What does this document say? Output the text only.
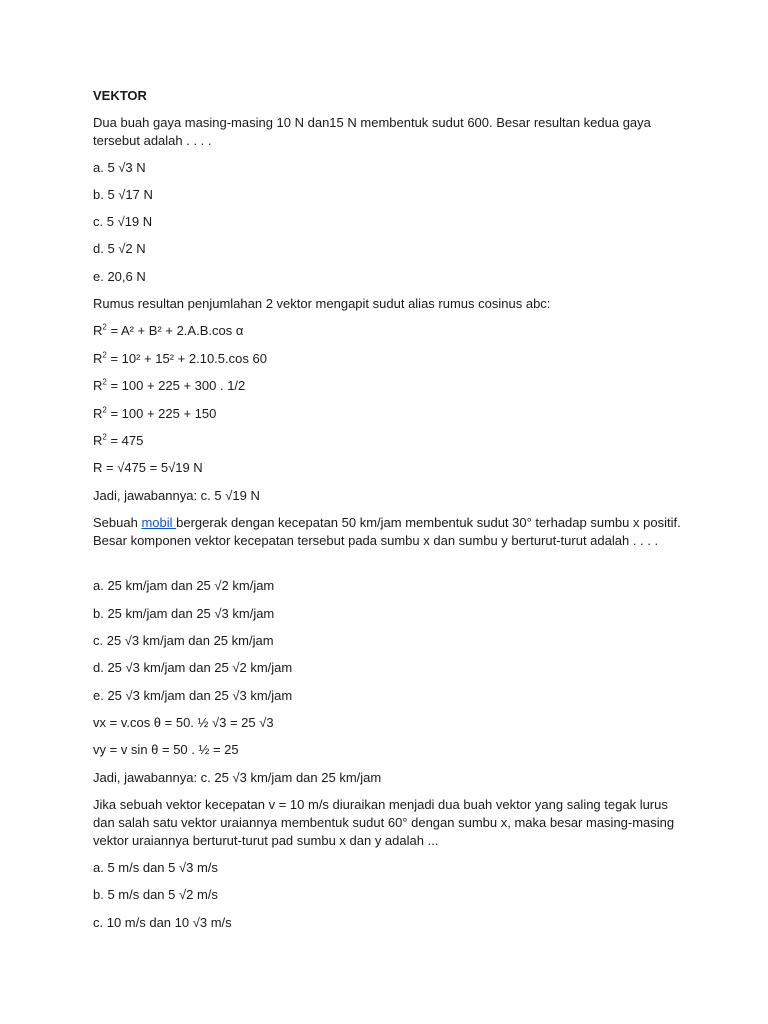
VEKTOR
Dua buah gaya masing-masing 10 N dan15 N membentuk sudut 600. Besar resultan kedua gaya tersebut adalah . . . .
a. 5 √3 N
b. 5 √17 N
c. 5 √19 N
d. 5 √2 N
e. 20,6 N
Rumus resultan penjumlahan 2 vektor mengapit sudut alias rumus cosinus abc:
$R^2 = A^2 + B^2 + 2.A.B.\cos$ α
$R^2 = 10^2 + 15^2 + 2.10.5.\cos$ 60
$R^2 = 100 + 225 + 300$ . 1/2
$R^2 = 100 + 225 + 150$
$R^2 = 475$
R = √475 = 5√19 N
Jadi, jawabannya: c. 5 √19 N
Sebuah mobil bergerak dengan kecepatan 50 km/jam membentuk sudut 30° terhadap sumbu x positif. Besar komponen vektor kecepatan tersebut pada sumbu x dan sumbu y berturut-turut adalah . . . .
a. 25 km/jam dan 25 √2 km/jam
b. 25 km/jam dan 25 √3 km/jam
c. 25 √3 km/jam dan 25 km/jam
d. 25 √3 km/jam dan 25 √2 km/jam
e. 25 √3 km/jam dan 25 √3 km/jam
vx = v.cos θ = 50. ½ √3 = 25 √3
vy = v sin θ = 50 . ½ = 25
Jadi, jawabannya: c. 25 √3 km/jam dan 25 km/jam
Jika sebuah vektor kecepatan v = 10 m/s diuraikan menjadi dua buah vektor yang saling tegak lurus dan salah satu vektor uraiannya membentuk sudut 60° dengan sumbu x, maka besar masing-masing vektor uraiannya berturut-turut pad sumbu x dan y adalah ...
a. 5 m/s dan 5 √3 m/s
b. 5 m/s dan 5 √2 m/s
c. 10 m/s dan 10 √3 m/s
